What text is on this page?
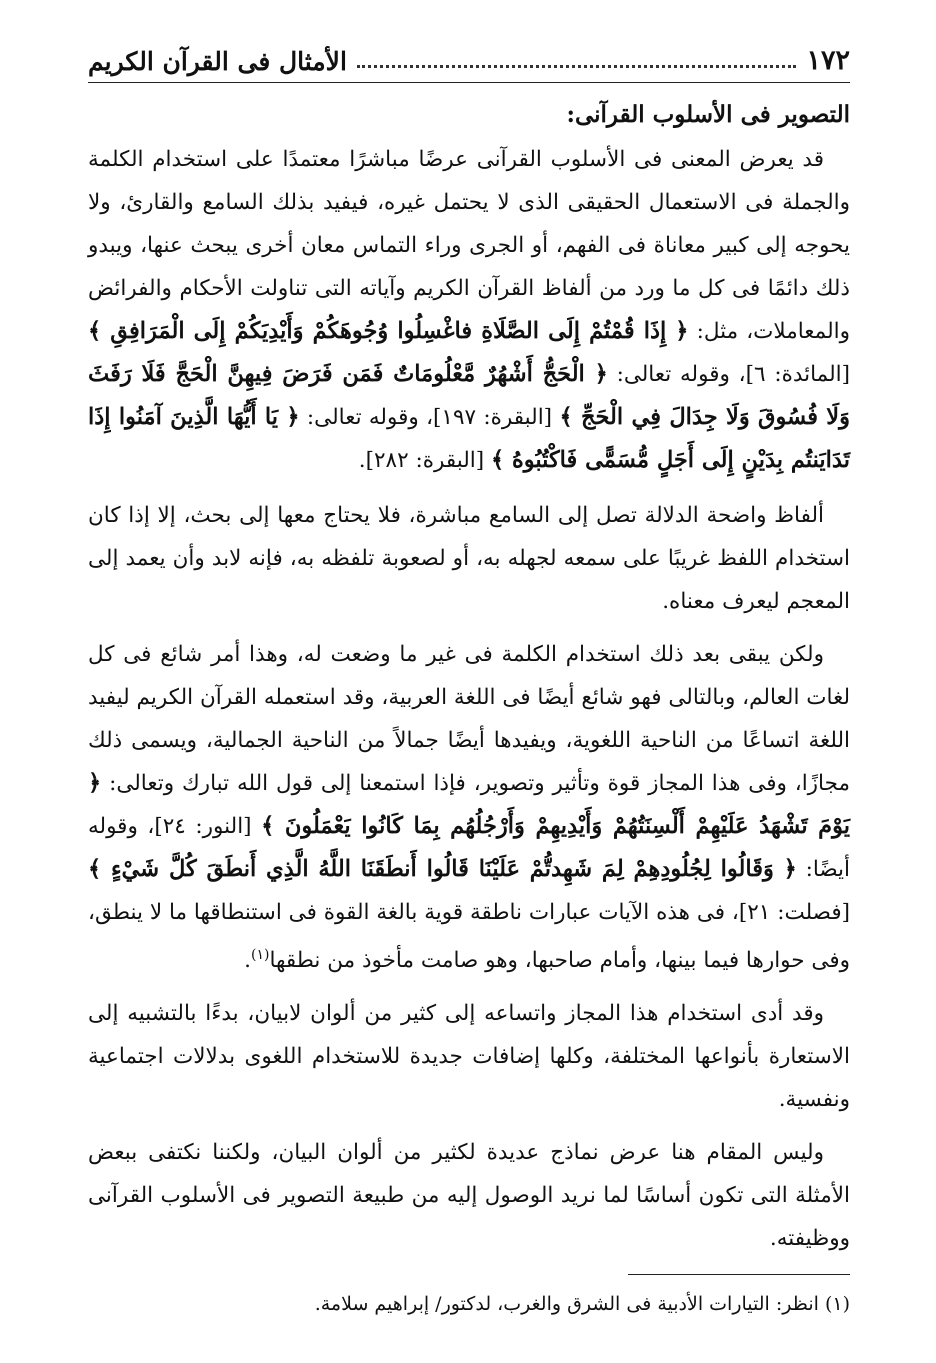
١٧٢
الأمثال فى القرآن الكريم
التصوير فى الأسلوب القرآنى:

قد يعرض المعنى فى الأسلوب القرآنى عرضًا مباشرًا معتمدًا على استخدام الكلمة والجملة فى الاستعمال الحقيقى الذى لا يحتمل غيره، فيفيد بذلك السامع والقارئ، ولا يحوجه إلى كبير معاناة فى الفهم، أو الجرى وراء التماس معان أخرى يبحث عنها، ويبدو ذلك دائمًا فى كل ما ورد من ألفاظ القرآن الكريم وآياته التى تناولت الأحكام والفرائض والمعاملات، مثل: ﴿ إِذَا قُمْتُمْ إِلَى الصَّلَاةِ فاغْسِلُوا وُجُوهَكُمْ وَأَيْدِيَكُمْ إِلَى الْمَرَافِقِ ﴾ [المائدة: ٦]، وقوله تعالى: ﴿ الْحَجُّ أَشْهُرٌ مَّعْلُومَاتٌ فَمَن فَرَضَ فِيهِنَّ الْحَجَّ فَلَا رَفَثَ وَلَا فُسُوقَ وَلَا جِدَالَ فِي الْحَجِّ ﴾ [البقرة: ١٩٧]، وقوله تعالى: ﴿ يَا أَيُّهَا الَّذِينَ آمَنُوا إِذَا تَدَايَنتُم بِدَيْنٍ إِلَى أَجَلٍ مُّسَمًّى فَاكْتُبُوهُ ﴾ [البقرة: ٢٨٢].

ألفاظ واضحة الدلالة تصل إلى السامع مباشرة، فلا يحتاج معها إلى بحث، إلا إذا كان استخدام اللفظ غريبًا على سمعه لجهله به، أو لصعوبة تلفظه به، فإنه لابد وأن يعمد إلى المعجم ليعرف معناه.

ولكن يبقى بعد ذلك استخدام الكلمة فى غير ما وضعت له، وهذا أمر شائع فى كل لغات العالم، وبالتالى فهو شائع أيضًا فى اللغة العربية، وقد استعمله القرآن الكريم ليفيد اللغة اتساعًا من الناحية اللغوية، ويفيدها أيضًا جمالاً من الناحية الجمالية، ويسمى ذلك مجازًا، وفى هذا المجاز قوة وتأثير وتصوير، فإذا استمعنا إلى قول الله تبارك وتعالى: ﴿ يَوْمَ تَشْهَدُ عَلَيْهِمْ أَلْسِنَتُهُمْ وَأَيْدِيهِمْ وَأَرْجُلُهُم بِمَا كَانُوا يَعْمَلُونَ ﴾ [النور: ٢٤]، وقوله أيضًا: ﴿ وَقَالُوا لِجُلُودِهِمْ لِمَ شَهِدتُّمْ عَلَيْنَا قَالُوا أَنطَقَنَا اللَّهُ الَّذِي أَنطَقَ كُلَّ شَيْءٍ ﴾ [فصلت: ٢١]، فى هذه الآيات عبارات ناطقة قوية بالغة القوة فى استنطاقها ما لا ينطق، وفى حوارها فيما بينها، وأمام صاحبها، وهو صامت مأخوذ من نطقها$^{(١)}$.

وقد أدى استخدام هذا المجاز واتساعه إلى كثير من ألوان لابيان، بدءًا بالتشبيه إلى الاستعارة بأنواعها المختلفة، وكلها إضافات جديدة للاستخدام اللغوى بدلالات اجتماعية ونفسية.

وليس المقام هنا عرض نماذج عديدة لكثير من ألوان البيان، ولكننا نكتفى ببعض الأمثلة التى تكون أساسًا لما نريد الوصول إليه من طبيعة التصوير فى الأسلوب القرآنى ووظيفته.

(١) انظر: التيارات الأدبية فى الشرق والغرب، لدكتور/ إبراهيم سلامة.
